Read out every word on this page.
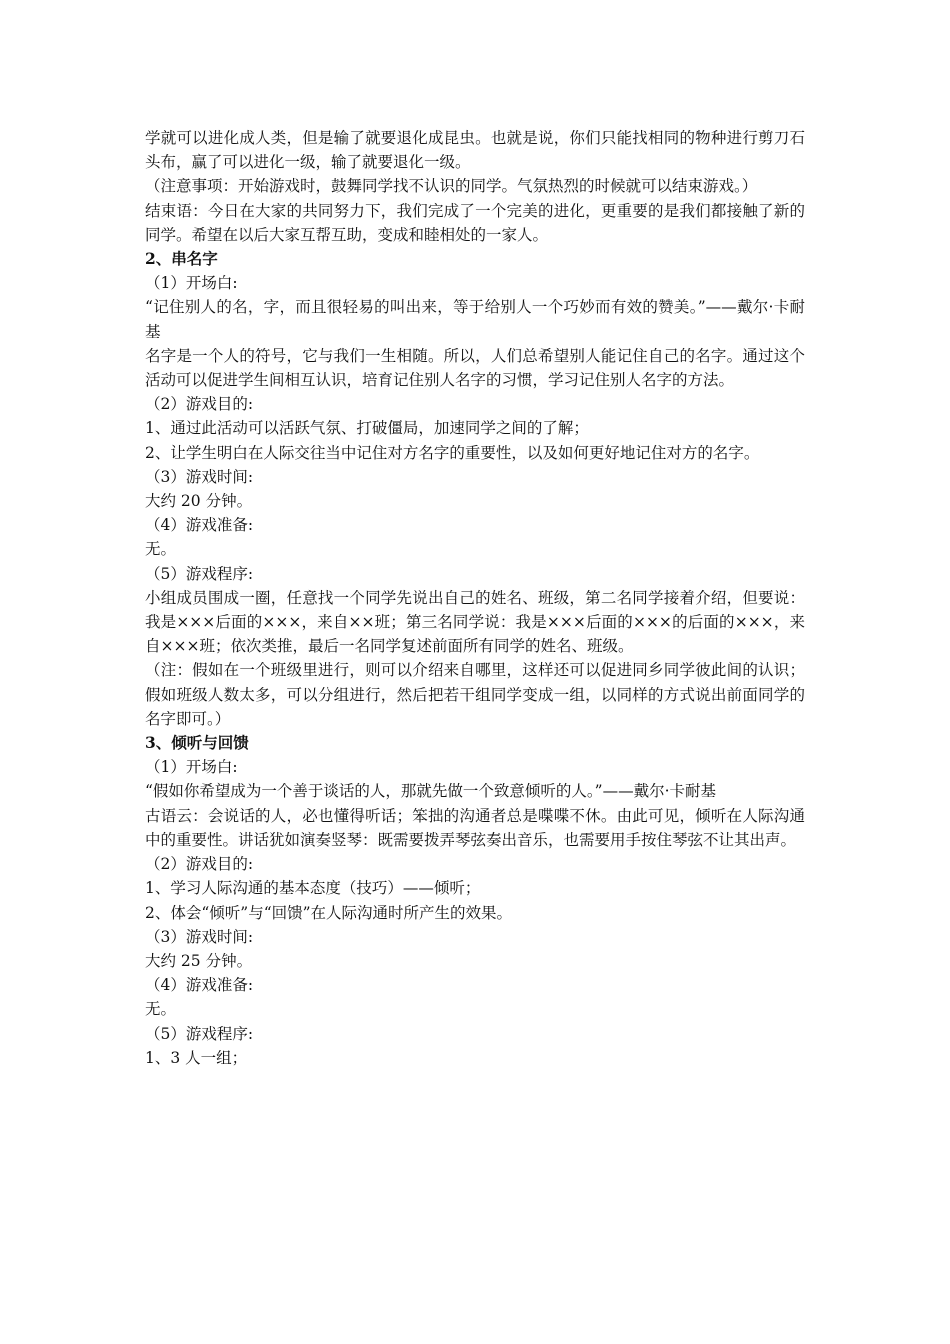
学就可以进化成人类，但是输了就要退化成昆虫。也就是说，你们只能找相同的物种进行剪刀石头布，赢了可以进化一级，输了就要退化一级。

（注意事项：开始游戏时，鼓舞同学找不认识的同学。气氛热烈的时候就可以结束游戏。）

结束语：今日在大家的共同努力下，我们完成了一个完美的进化，更重要的是我们都接触了新的同学。希望在以后大家互帮互助，变成和睦相处的一家人。

2、串名字

（1）开场白:

“记住别人的名，字，而且很轻易的叫出来，等于给别人一个巧妙而有效的赞美。”——戴尔·卡耐基

名字是一个人的符号，它与我们一生相随。所以，人们总希望别人能记住自己的名字。通过这个活动可以促进学生间相互认识，培育记住别人名字的习惯，学习记住别人名字的方法。

（2）游戏目的:

1、通过此活动可以活跃气氛、打破僵局，加速同学之间的了解；

2、让学生明白在人际交往当中记住对方名字的重要性，以及如何更好地记住对方的名字。

（3）游戏时间:

大约 20 分钟。

（4）游戏准备:

无。

（5）游戏程序:

小组成员围成一圈，任意找一个同学先说出自己的姓名、班级，第二名同学接着介绍，但要说：我是×××后面的×××，来自××班；第三名同学说：我是×××后面的×××的后面的×××，来自×××班；依次类推，最后一名同学复述前面所有同学的姓名、班级。

（注：假如在一个班级里进行，则可以介绍来自哪里，这样还可以促进同乡同学彼此间的认识；假如班级人数太多，可以分组进行，然后把若干组同学变成一组，以同样的方式说出前面同学的名字即可。）

3、倾听与回馈

（1）开场白:

“假如你希望成为一个善于谈话的人，那就先做一个致意倾听的人。”——戴尔·卡耐基

古语云：会说话的人，必也懂得听话；笨拙的沟通者总是喋喋不休。由此可见，倾听在人际沟通中的重要性。讲话犹如演奏竖琴：既需要拨弄琴弦奏出音乐，也需要用手按住琴弦不让其出声。

（2）游戏目的:

1、学习人际沟通的基本态度（技巧）——倾听；

2、体会“倾听”与“回馈”在人际沟通时所产生的效果。

（3）游戏时间:

大约 25 分钟。

（4）游戏准备:

无。

（5）游戏程序:

1、3 人一组；
